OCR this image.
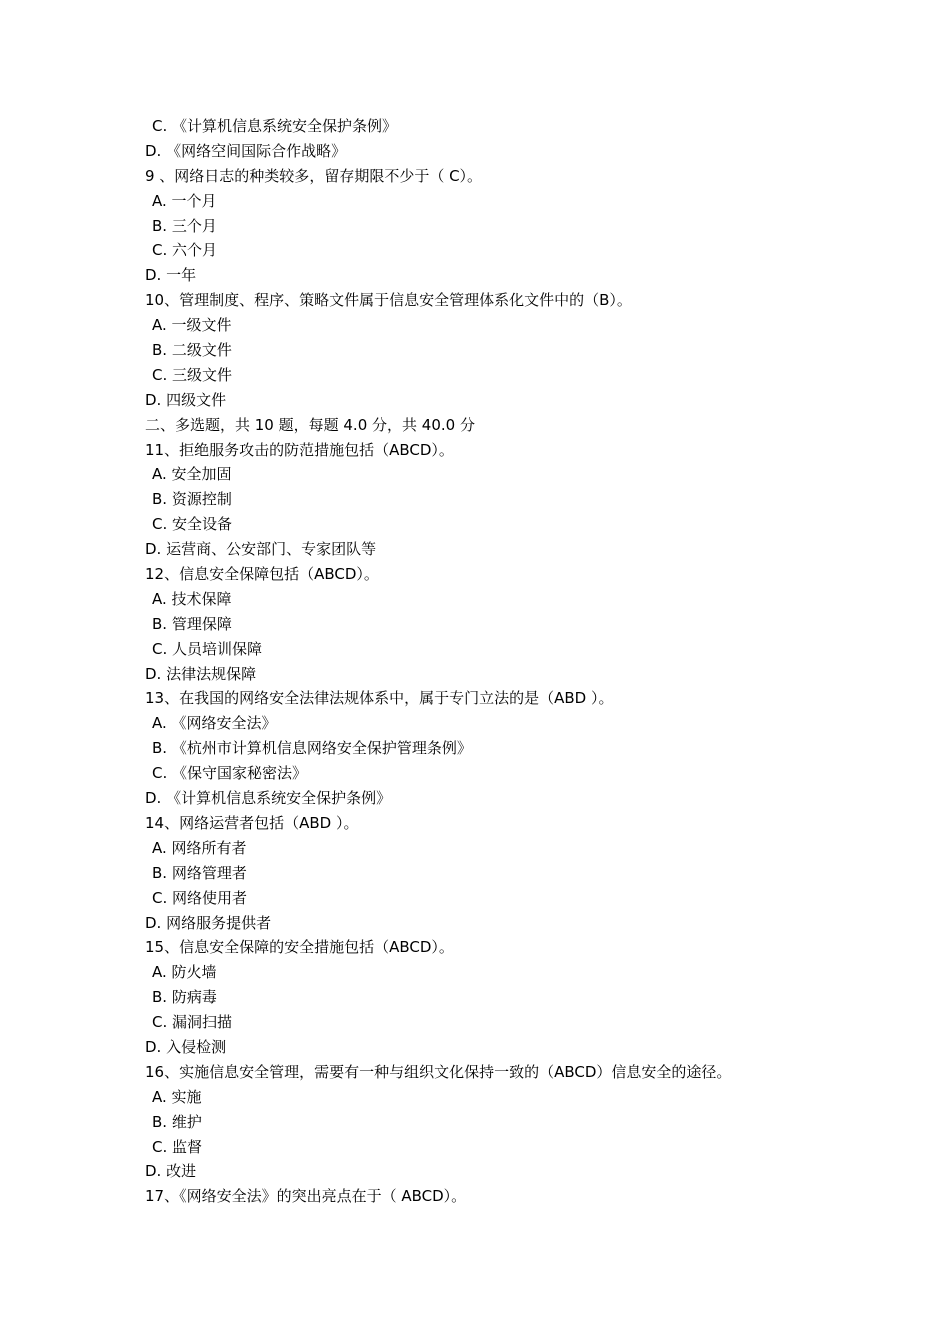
C. 《计算机信息系统安全保护条例》
D. 《网络空间国际合作战略》
9 、网络日志的种类较多，留存期限不少于（ C）。
A. 一个月
B. 三个月
C. 六个月
D. 一年
10、管理制度、程序、策略文件属于信息安全管理体系化文件中的（B）。
A. 一级文件
B. 二级文件
C. 三级文件
D. 四级文件
二、多选题，共 10 题，每题 4.0 分，共 40.0 分
11、拒绝服务攻击的防范措施包括（ABCD）。
A. 安全加固
B. 资源控制
C. 安全设备
D. 运营商、公安部门、专家团队等
12、信息安全保障包括（ABCD）。
A. 技术保障
B. 管理保障
C. 人员培训保障
D. 法律法规保障
13、在我国的网络安全法律法规体系中，属于专门立法的是（ABD ）。
A. 《网络安全法》
B. 《杭州市计算机信息网络安全保护管理条例》
C. 《保守国家秘密法》
D. 《计算机信息系统安全保护条例》
14、网络运营者包括（ABD ）。
A. 网络所有者
B. 网络管理者
C. 网络使用者
D. 网络服务提供者
15、信息安全保障的安全措施包括（ABCD）。
A. 防火墙
B. 防病毒
C. 漏洞扫描
D. 入侵检测
16、实施信息安全管理，需要有一种与组织文化保持一致的（ABCD）信息安全的途径。
A. 实施
B. 维护
C. 监督
D. 改进
17、《网络安全法》的突出亮点在于（ ABCD）。
